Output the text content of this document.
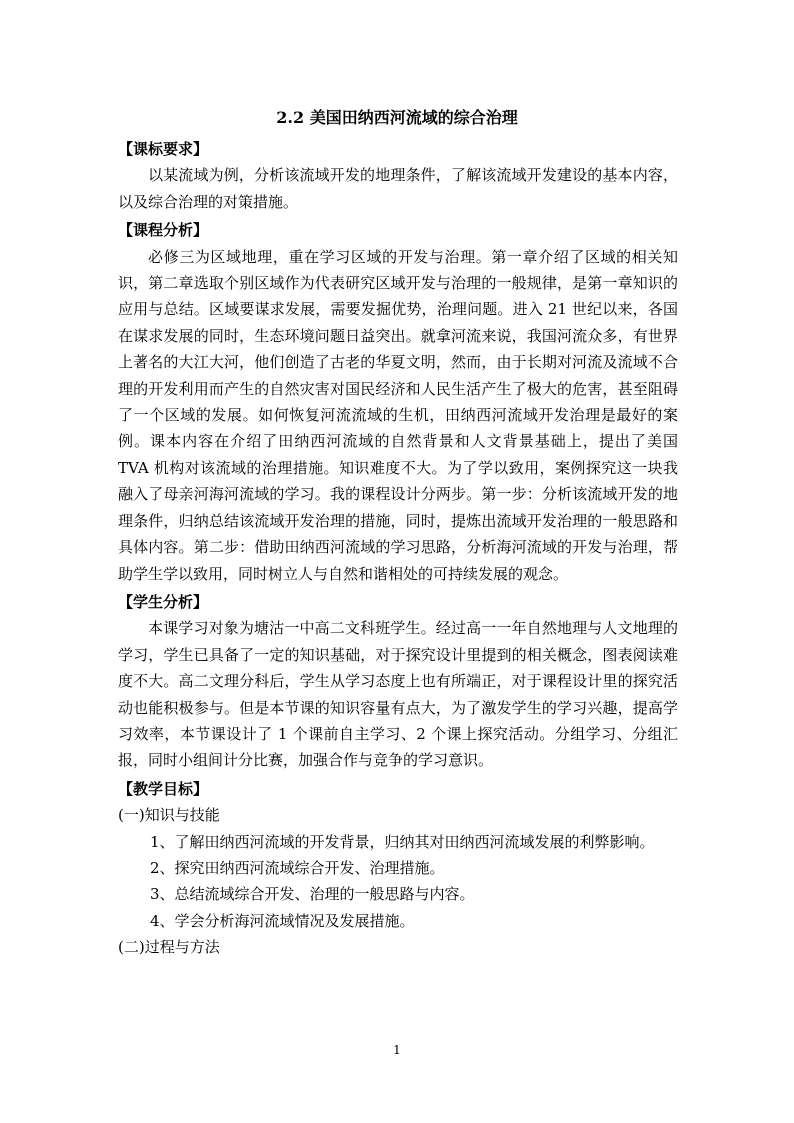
2.2 美国田纳西河流域的综合治理
【课标要求】

以某流域为例，分析该流域开发的地理条件，了解该流域开发建设的基本内容，以及综合治理的对策措施。

【课程分析】

必修三为区域地理，重在学习区域的开发与治理。第一章介绍了区域的相关知识，第二章选取个别区域作为代表研究区域开发与治理的一般规律，是第一章知识的应用与总结。区域要谋求发展，需要发掘优势，治理问题。进入 21 世纪以来，各国在谋求发展的同时，生态环境问题日益突出。就拿河流来说，我国河流众多，有世界上著名的大江大河，他们创造了古老的华夏文明，然而，由于长期对河流及流域不合理的开发利用而产生的自然灾害对国民经济和人民生活产生了极大的危害，甚至阻碍了一个区域的发展。如何恢复河流流域的生机，田纳西河流域开发治理是最好的案例。课本内容在介绍了田纳西河流域的自然背景和人文背景基础上，提出了美国 TVA 机构对该流域的治理措施。知识难度不大。为了学以致用，案例探究这一块我融入了母亲河海河流域的学习。我的课程设计分两步。第一步：分析该流域开发的地理条件，归纳总结该流域开发治理的措施，同时，提炼出流域开发治理的一般思路和具体内容。第二步：借助田纳西河流域的学习思路，分析海河流域的开发与治理，帮助学生学以致用，同时树立人与自然和谐相处的可持续发展的观念。

【学生分析】

本课学习对象为塘沽一中高二文科班学生。经过高一一年自然地理与人文地理的学习，学生已具备了一定的知识基础，对于探究设计里提到的相关概念，图表阅读难度不大。高二文理分科后，学生从学习态度上也有所端正，对于课程设计里的探究活动也能积极参与。但是本节课的知识容量有点大，为了激发学生的学习兴趣，提高学习效率，本节课设计了 1 个课前自主学习、2 个课上探究活动。分组学习、分组汇报，同时小组间计分比赛，加强合作与竞争的学习意识。

【教学目标】
(一)知识与技能
1、了解田纳西河流域的开发背景，归纳其对田纳西河流域发展的利弊影响。
2、探究田纳西河流域综合开发、治理措施。
3、总结流域综合开发、治理的一般思路与内容。
4、学会分析海河流域情况及发展措施。
(二)过程与方法
1
